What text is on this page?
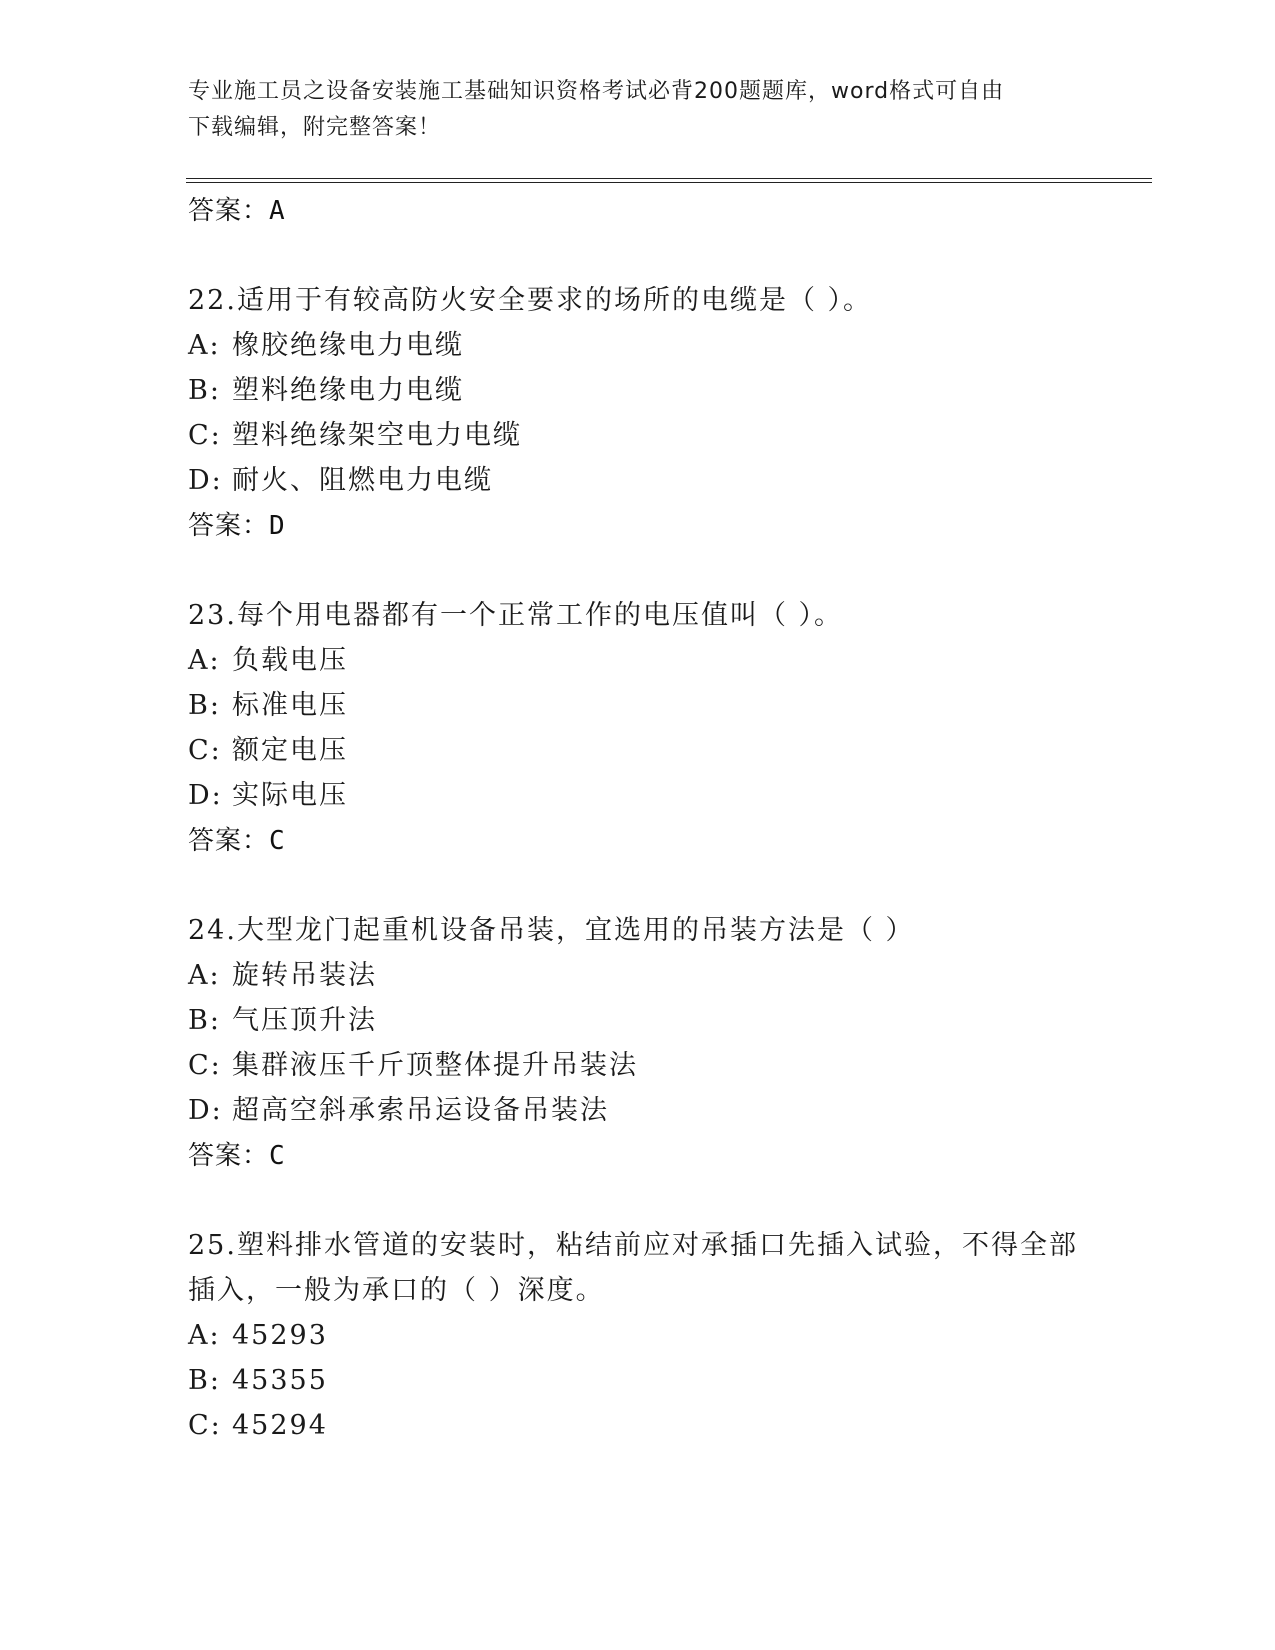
专业施工员之设备安装施工基础知识资格考试必背200题题库，word格式可自由
下载编辑，附完整答案！
答案：A
22.适用于有较高防火安全要求的场所的电缆是（ ）。
A: 橡胶绝缘电力电缆
B: 塑料绝缘电力电缆
C: 塑料绝缘架空电力电缆
D: 耐火、阻燃电力电缆
答案：D
23.每个用电器都有一个正常工作的电压值叫（ ）。
A: 负载电压
B: 标准电压
C: 额定电压
D: 实际电压
答案：C
24.大型龙门起重机设备吊装，宜选用的吊装方法是（ ）
A: 旋转吊装法
B: 气压顶升法
C: 集群液压千斤顶整体提升吊装法
D: 超高空斜承索吊运设备吊装法
答案：C
25.塑料排水管道的安装时，粘结前应对承插口先插入试验，不得全部
插入，一般为承口的（ ）深度。
A: 45293
B: 45355
C: 45294
